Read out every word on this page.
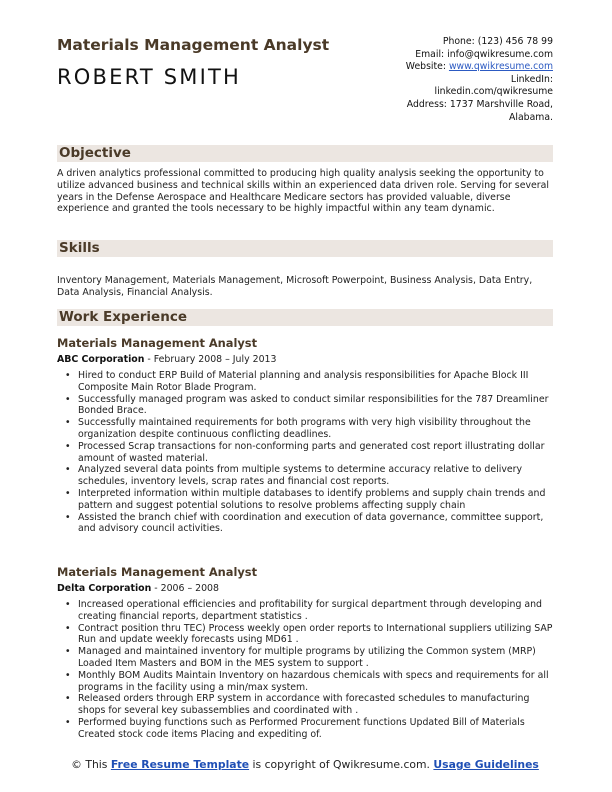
Materials Management Analyst
ROBERT SMITH
Phone: (123) 456 78 99
Email: info@qwikresume.com
Website: www.qwikresume.com
LinkedIn:
linkedin.com/qwikresume
Address: 1737 Marshville Road,
Alabama.
Objective
A driven analytics professional committed to producing high quality analysis seeking the opportunity to utilize advanced business and technical skills within an experienced data driven role. Serving for several years in the Defense Aerospace and Healthcare Medicare sectors has provided valuable, diverse experience and granted the tools necessary to be highly impactful within any team dynamic.
Skills
Inventory Management, Materials Management, Microsoft Powerpoint, Business Analysis, Data Entry, Data Analysis, Financial Analysis.
Work Experience
Materials Management Analyst
ABC Corporation - February 2008 – July 2013
• Hired to conduct ERP Build of Material planning and analysis responsibilities for Apache Block III Composite Main Rotor Blade Program.
• Successfully managed program was asked to conduct similar responsibilities for the 787 Dreamliner Bonded Brace.
• Successfully maintained requirements for both programs with very high visibility throughout the organization despite continuous conflicting deadlines.
• Processed Scrap transactions for non-conforming parts and generated cost report illustrating dollar amount of wasted material.
• Analyzed several data points from multiple systems to determine accuracy relative to delivery schedules, inventory levels, scrap rates and financial cost reports.
• Interpreted information within multiple databases to identify problems and supply chain trends and pattern and suggest potential solutions to resolve problems affecting supply chain
• Assisted the branch chief with coordination and execution of data governance, committee support, and advisory council activities.
Materials Management Analyst
Delta Corporation - 2006 – 2008
• Increased operational efficiencies and profitability for surgical department through developing and creating financial reports, department statistics .
• Contract position thru TEC) Process weekly open order reports to International suppliers utilizing SAP Run and update weekly forecasts using MD61 .
• Managed and maintained inventory for multiple programs by utilizing the Common system (MRP) Loaded Item Masters and BOM in the MES system to support .
• Monthly BOM Audits Maintain Inventory on hazardous chemicals with specs and requirements for all programs in the facility using a min/max system.
• Released orders through ERP system in accordance with forecasted schedules to manufacturing shops for several key subassemblies and coordinated with .
• Performed buying functions such as Performed Procurement functions Updated Bill of Materials Created stock code items Placing and expediting of.
© This Free Resume Template is copyright of Qwikresume.com. Usage Guidelines
